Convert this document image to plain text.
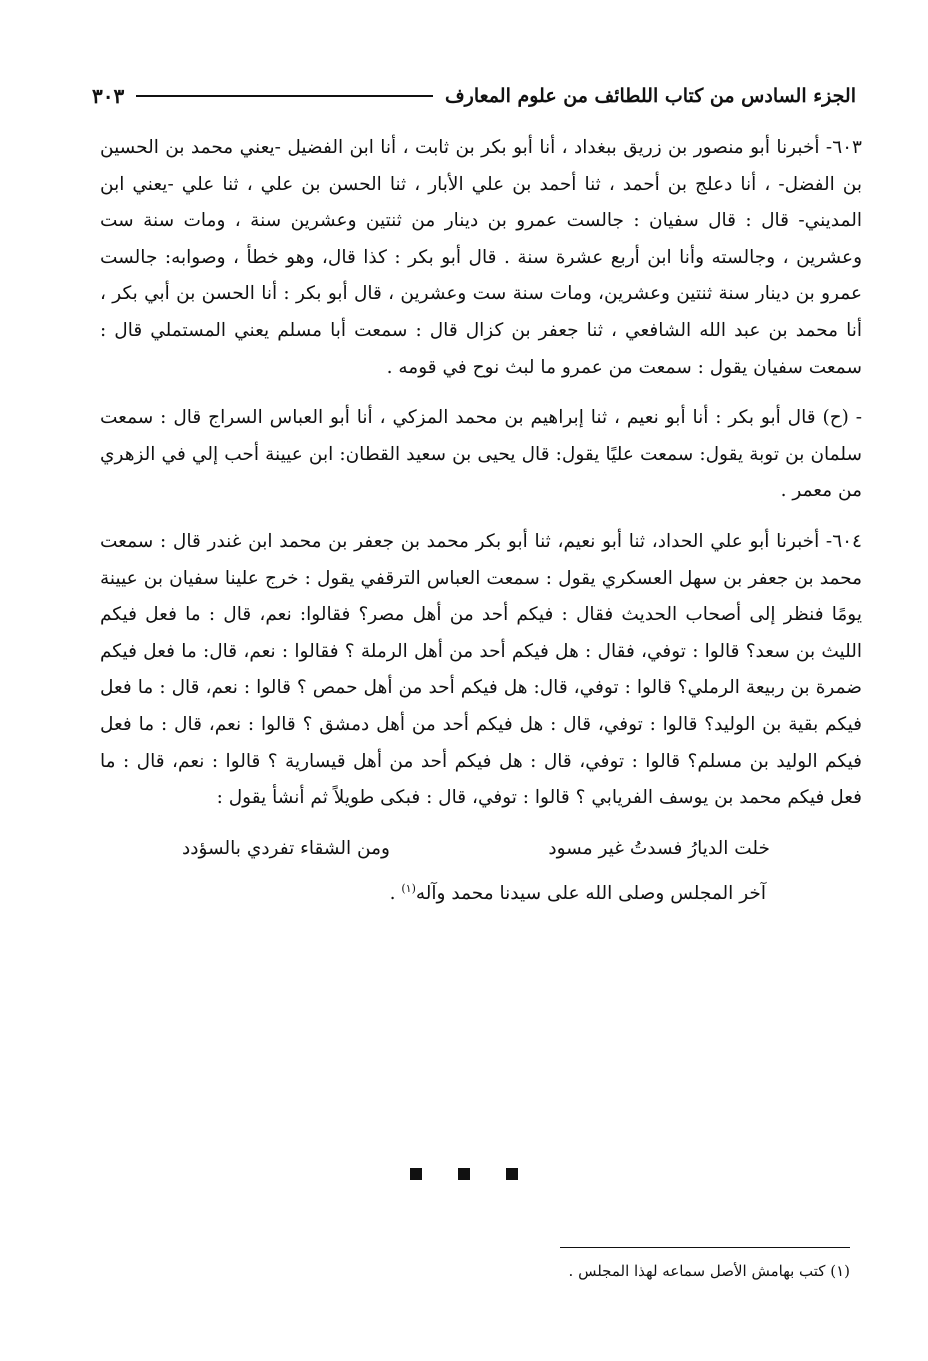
الجزء السادس من كتاب اللطائف من علوم المعارف
٣٠٣

٦٠٣- أخبرنا أبو منصور بن زريق ببغداد ، أنا أبو بكر بن ثابت ، أنا ابن الفضيل -يعني محمد بن الحسين بن الفضل- ، أنا دعلج بن أحمد ، ثنا أحمد بن علي الأبار ، ثنا الحسن بن علي ، ثنا علي -يعني ابن المديني- قال : قال سفيان : جالست عمرو بن دينار من ثنتين وعشرين سنة ، ومات سنة ست وعشرين ، وجالسته وأنا ابن أربع عشرة سنة . قال أبو بكر : كذا قال، وهو خطأ ، وصوابه: جالست عمرو بن دينار سنة ثنتين وعشرين، ومات سنة ست وعشرين ، قال أبو بكر : أنا الحسن بن أبي بكر ، أنا محمد بن عبد الله الشافعي ، ثنا جعفر بن كزال قال : سمعت أبا مسلم يعني المستملي قال : سمعت سفيان يقول : سمعت من عمرو ما لبث نوح في قومه .

- (ح) قال أبو بكر : أنا أبو نعيم ، ثنا إبراهيم بن محمد المزكي ، أنا أبو العباس السراج قال : سمعت سلمان بن توبة يقول: سمعت عليًا يقول: قال يحيى بن سعيد القطان: ابن عيينة أحب إلي في الزهري من معمر .

٦٠٤- أخبرنا أبو علي الحداد، ثنا أبو نعيم، ثنا أبو بكر محمد بن جعفر بن محمد ابن غندر قال : سمعت محمد بن جعفر بن سهل العسكري يقول : سمعت العباس الترقفي يقول : خرج علينا سفيان بن عيينة يومًا فنظر إلى أصحاب الحديث فقال : فيكم أحد من أهل مصر؟ فقالوا: نعم، قال : ما فعل فيكم الليث بن سعد؟ قالوا : توفي، فقال : هل فيكم أحد من أهل الرملة ؟ فقالوا : نعم، قال: ما فعل فيكم ضمرة بن ربيعة الرملي؟ قالوا : توفي، قال: هل فيكم أحد من أهل حمص ؟ قالوا : نعم، قال : ما فعل فيكم بقية بن الوليد؟ قالوا : توفي، قال : هل فيكم أحد من أهل دمشق ؟ قالوا : نعم، قال : ما فعل فيكم الوليد بن مسلم؟ قالوا : توفي، قال : هل فيكم أحد من أهل قيسارية ؟ قالوا : نعم، قال : ما فعل فيكم محمد بن يوسف الفريابي ؟ قالوا : توفي، قال : فبكى طويلاً ثم أنشأ يقول :

خلت الديارُ فسدتُ غير مسود
ومن الشقاء تفردي بالسؤدد
آخر المجلس وصلى الله على سيدنا محمد وآله$^{(١)}$ .
(١) كتب بهامش الأصل سماعه لهذا المجلس .
